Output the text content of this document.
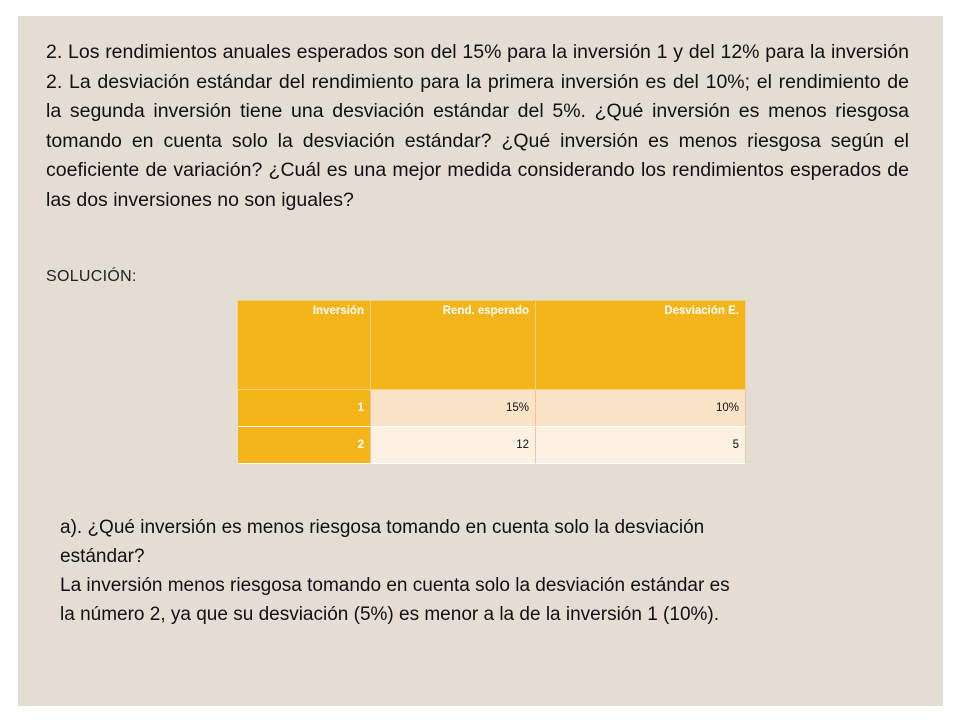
2. Los rendimientos anuales esperados son del 15% para la inversión 1 y del 12% para la inversión 2. La desviación estándar del rendimiento para la primera inversión es del 10%; el rendimiento de la segunda inversión tiene una desviación estándar del 5%. ¿Qué inversión es menos riesgosa tomando en cuenta solo la desviación estándar? ¿Qué inversión es menos riesgosa según el coeficiente de variación? ¿Cuál es una mejor medida considerando los rendimientos esperados de las dos inversiones no son iguales?

SOLUCIÓN:

Inversión	Rend. esperado	Desviación E.
1	15%	10%
2	12	5
a). ¿Qué inversión es menos riesgosa tomando en cuenta solo la desviación
estándar?
La inversión menos riesgosa tomando en cuenta solo la desviación estándar es
la número 2, ya que su desviación (5%) es menor a la de la inversión 1 (10%).
